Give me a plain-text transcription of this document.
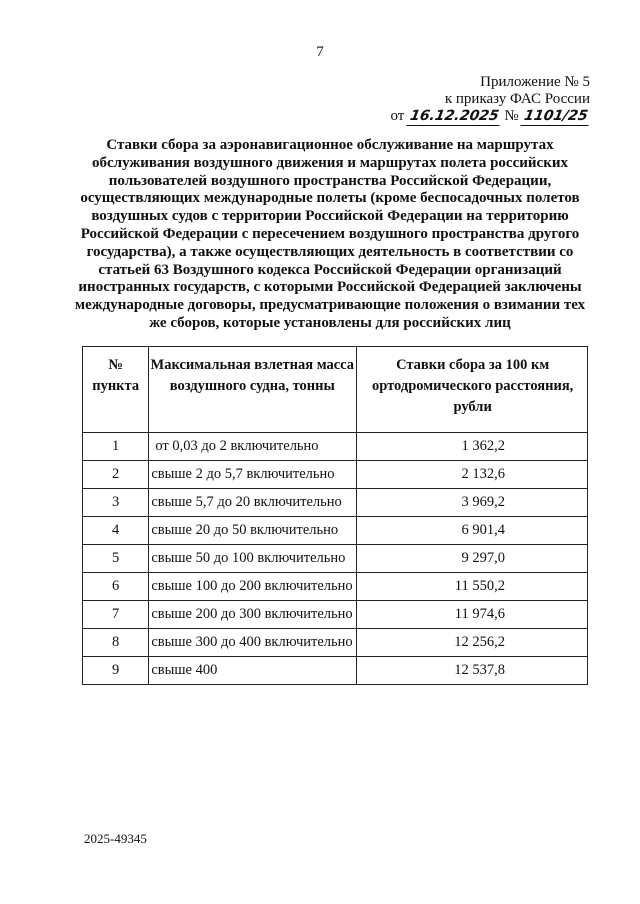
7
Приложение № 5
к приказу ФАС России
от 16.12.2025 № 1101/25
Ставки сбора за аэронавигационное обслуживание на маршрутах обслуживания воздушного движения и маршрутах полета российских пользователей воздушного пространства Российской Федерации, осуществляющих международные полеты (кроме беспосадочных полетов воздушных судов с территории Российской Федерации на территорию Российской Федерации с пересечением воздушного пространства другого государства), а также осуществляющих деятельность в соответствии со статьей 63 Воздушного кодекса Российской Федерации организаций иностранных государств, с которыми Российской Федерацией заключены международные договоры, предусматривающие положения о взимании тех же сборов, которые установлены для российских лиц
№ пункта	Максимальная взлетная масса воздушного судна, тонны	Ставки сбора за 100 км ортодромического расстояния, рубли
1	от 0,03 до 2 включительно	1 362,2
2	свыше 2 до 5,7 включительно	2 132,6
3	свыше 5,7 до 20 включительно	3 969,2
4	свыше 20 до 50 включительно	6 901,4
5	свыше 50 до 100 включительно	9 297,0
6	свыше 100 до 200 включительно	11 550,2
7	свыше 200 до 300 включительно	11 974,6
8	свыше 300 до 400 включительно	12 256,2
9	свыше 400	12 537,8
2025-49345
